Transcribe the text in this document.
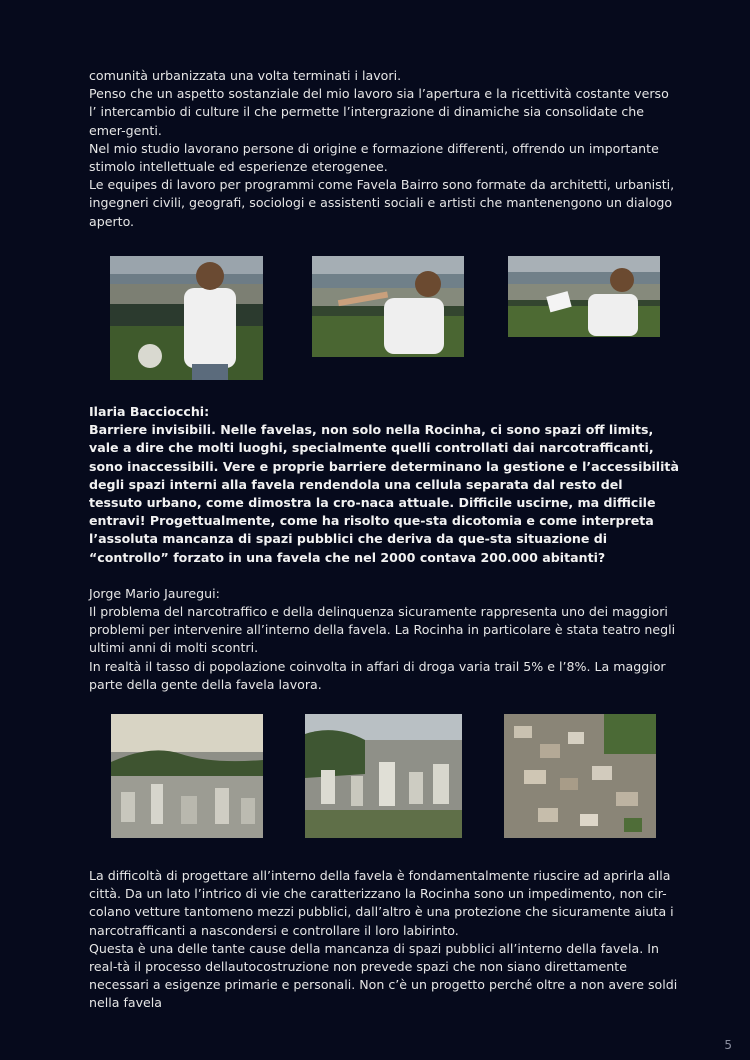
comunità urbanizzata una volta terminati i lavori.

Penso che un aspetto sostanziale del mio lavoro sia l’apertura e la ricettività costante verso l’ intercambio di culture il che permette l’intergrazione di dinamiche sia consolidate che emer-genti.

Nel mio studio lavorano persone di origine e formazione differenti, offrendo un importante stimolo intellettuale ed esperienze eterogenee.

Le equipes di lavoro per programmi come Favela Bairro sono formate da architetti, urbanisti, ingegneri civili, geografi, sociologi e assistenti sociali e artisti che mantenengono un dialogo aperto.

Ilaria Bacciocchi:

Barriere invisibili. Nelle favelas, non solo nella Rocinha, ci sono spazi off limits, vale a dire che molti luoghi, specialmente quelli controllati dai narcotrafficanti, sono inaccessibili. Vere e proprie barriere determinano la gestione e l’accessibilità degli spazi interni alla favela rendendola una cellula separata dal resto del tessuto urbano, come dimostra la cro-naca attuale. Difficile uscirne, ma difficile entravi! Progettualmente, come ha risolto que-sta dicotomia e come interpreta l’assoluta mancanza di spazi pubblici che deriva da que-sta situazione di “controllo” forzato in una favela che nel 2000 contava 200.000 abitanti?

Jorge Mario Jauregui:

Il problema del narcotraffico e della delinquenza sicuramente rappresenta uno dei maggiori problemi per intervenire all’interno della favela. La Rocinha in particolare è stata teatro negli ultimi anni di molti scontri.

In realtà il tasso di popolazione coinvolta in affari di droga varia trail 5% e l’8%. La maggior parte della gente della favela lavora.

La difficoltà di progettare all’interno della favela è fondamentalmente riuscire ad aprirla alla città. Da un lato l’intrico di vie che caratterizzano la Rocinha sono un impedimento, non cir-colano vetture tantomeno mezzi pubblici, dall’altro è una protezione che sicuramente aiuta i narcotrafficanti a nascondersi e controllare il loro labirinto.

Questa è una delle tante cause della mancanza di spazi pubblici all’interno della favela. In real-tà il processo dellautocostruzione non prevede spazi che non siano direttamente necessari a esigenze primarie e personali. Non c’è un progetto perché oltre a non avere soldi nella favela

5
